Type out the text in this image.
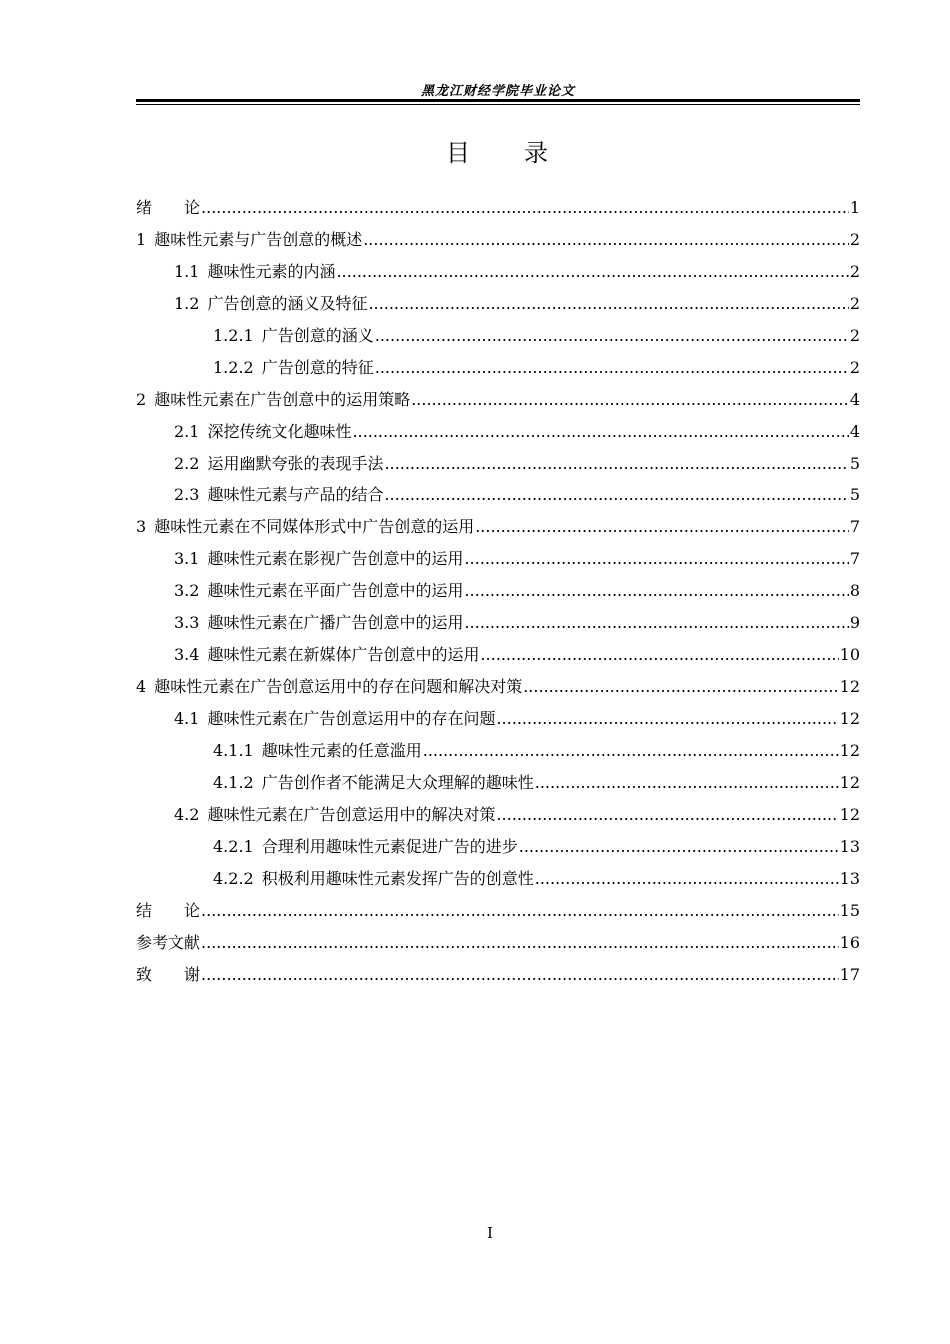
黑龙江财经学院毕业论文
目　　录
绪　　论 .....	1
1 趣味性元素与广告创意的概述 .....	2
1.1 趣味性元素的内涵 .....	2
1.2 广告创意的涵义及特征 .....	2
1.2.1 广告创意的涵义 .....	2
1.2.2 广告创意的特征 .....	2
2 趣味性元素在广告创意中的运用策略 .....	4
2.1 深挖传统文化趣味性 .....	4
2.2 运用幽默夸张的表现手法 .....	5
2.3 趣味性元素与产品的结合 .....	5
3 趣味性元素在不同媒体形式中广告创意的运用 .....	7
3.1 趣味性元素在影视广告创意中的运用 .....	7
3.2 趣味性元素在平面广告创意中的运用 .....	8
3.3 趣味性元素在广播广告创意中的运用 .....	9
3.4 趣味性元素在新媒体广告创意中的运用 .....	10
4 趣味性元素在广告创意运用中的存在问题和解决对策 .....	12
4.1 趣味性元素在广告创意运用中的存在问题 .....	12
4.1.1 趣味性元素的任意滥用 .....	12
4.1.2 广告创作者不能满足大众理解的趣味性 .....	12
4.2 趣味性元素在广告创意运用中的解决对策 .....	12
4.2.1 合理利用趣味性元素促进广告的进步 .....	13
4.2.2 积极利用趣味性元素发挥广告的创意性 .....	13
结　　论 .....	15
参考文献 .....	16
致　　谢 .....	17
I
